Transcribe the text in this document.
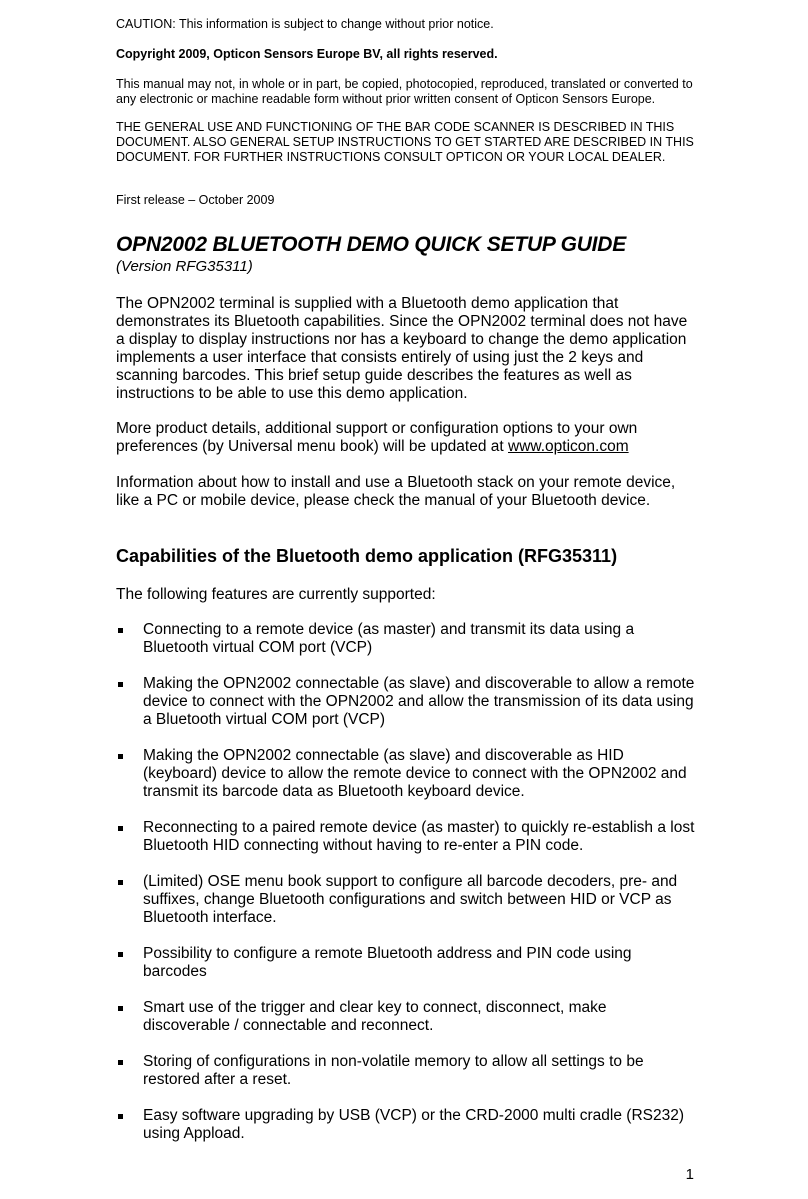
CAUTION: This information is subject to change without prior notice.

Copyright 2009, Opticon Sensors Europe BV, all rights reserved.

This manual may not, in whole or in part, be copied, photocopied, reproduced, translated or converted to any electronic or machine readable form without prior written consent of Opticon Sensors Europe.

THE GENERAL USE AND FUNCTIONING OF THE BAR CODE SCANNER IS DESCRIBED IN THIS DOCUMENT. ALSO GENERAL SETUP INSTRUCTIONS TO GET STARTED ARE DESCRIBED IN THIS DOCUMENT. FOR FURTHER INSTRUCTIONS CONSULT OPTICON OR YOUR LOCAL DEALER.

First release – October 2009

OPN2002 BLUETOOTH DEMO QUICK SETUP GUIDE

(Version RFG35311)

The OPN2002 terminal is supplied with a Bluetooth demo application that demonstrates its Bluetooth capabilities. Since the OPN2002 terminal does not have a display to display instructions nor has a keyboard to change the demo application implements a user interface that consists entirely of using just the 2 keys and scanning barcodes. This brief setup guide describes the features as well as instructions to be able to use this demo application.

More product details, additional support or configuration options to your own preferences (by Universal menu book) will be updated at www.opticon.com

Information about how to install and use a Bluetooth stack on your remote device, like a PC or mobile device, please check the manual of your Bluetooth device.

Capabilities of the Bluetooth demo application (RFG35311)

The following features are currently supported:

Connecting to a remote device (as master) and transmit its data using a Bluetooth virtual COM port (VCP)
Making the OPN2002 connectable (as slave) and discoverable to allow a remote device to connect with the OPN2002 and allow the transmission of its data using a Bluetooth virtual COM port (VCP)
Making the OPN2002 connectable (as slave) and discoverable as HID (keyboard) device to allow the remote device to connect with the OPN2002 and transmit its barcode data as Bluetooth keyboard device.
Reconnecting to a paired remote device (as master) to quickly re-establish a lost Bluetooth HID connecting without having to re-enter a PIN code.
(Limited) OSE menu book support to configure all barcode decoders, pre- and suffixes, change Bluetooth configurations and switch between HID or VCP as Bluetooth interface.
Possibility to configure a remote Bluetooth address and PIN code using barcodes
Smart use of the trigger and clear key to connect, disconnect, make discoverable / connectable and reconnect.
Storing of configurations in non-volatile memory to allow all settings to be restored after a reset.
Easy software upgrading by USB (VCP) or the CRD-2000 multi cradle (RS232) using Appload.

1
